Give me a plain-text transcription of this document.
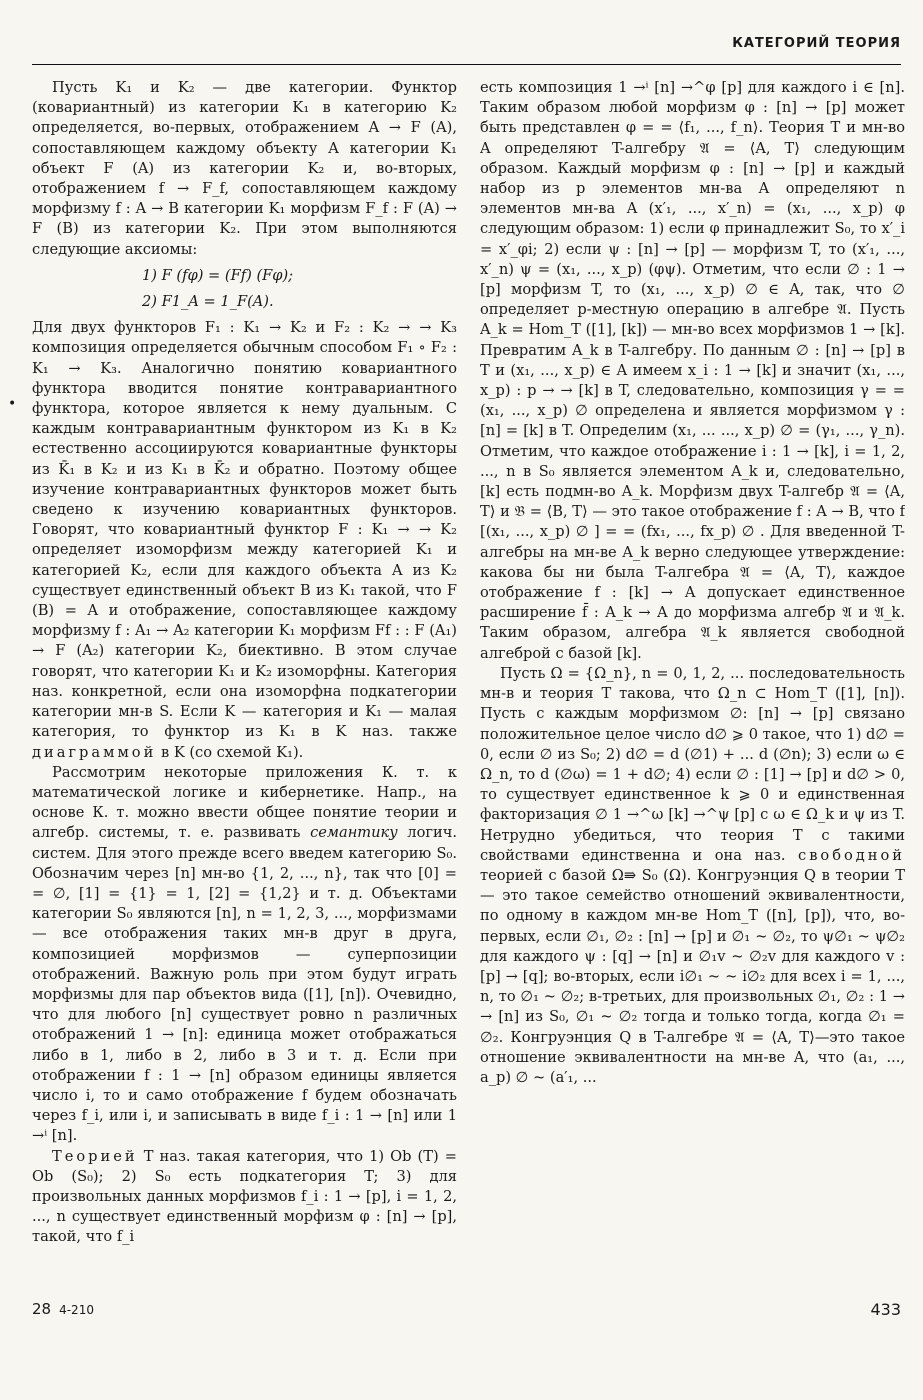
КАТЕГОРИЙ ТЕОРИЯ
•

Пусть K₁ и K₂ — две категории. Функтор (ковариантный) из категории K₁ в категорию K₂ определяется, во-первых, отображением A → F (A), сопоставляющем каждому объекту A категории K₁ объект F (A) из категории K₂ и, во-вторых, отображением f → F_f, сопоставляющем каждому морфизму f : A → B категории K₁ морфизм F_f : F (A) → F (B) из категории K₂. При этом выполняются следующие аксиомы:

1) F (fφ) = (Ff) (Fφ);
2) F1_A = 1_F(A).

Для двух функторов F₁ : K₁ → K₂ и F₂ : K₂ → → K₃ композиция определяется обычным способом F₁ ∘ F₂ : K₁ → K₃. Аналогично понятию ковариантного функтора вводится понятие контравариантного функтора, которое является к нему дуальным. С каждым контравариантным функтором из K₁ в K₂ естественно ассоциируются ковариантные функторы из K̄₁ в K₂ и из K₁ в K̄₂ и обратно. Поэтому общее изучение контравариантных функторов может быть сведено к изучению ковариантных функторов. Говорят, что ковариантный функтор F : K₁ → → K₂ определяет изоморфизм между категорией K₁ и категорией K₂, если для каждого объекта A из K₂ существует единственный объект B из K₁ такой, что F (B) = A и отображение, сопоставляющее каждому морфизму f : A₁ → A₂ категории K₁ морфизм Ff : : F (A₁) → F (A₂) категории K₂, биективно. В этом случае говорят, что категории K₁ и K₂ изоморфны. Категория наз. конкретной, если она изоморфна подкатегории категории мн-в S. Если K — категория и K₁ — малая категория, то функтор из K₁ в K наз. также диаграммой в K (со схемой K₁).

Рассмотрим некоторые приложения К. т. к математической логике и кибернетике. Напр., на основе К. т. можно ввести общее понятие теории и алгебр. системы, т. е. развивать семантику логич. систем. Для этого прежде всего введем категорию S₀. Обозначим через [n] мн-во {1, 2, ..., n}, так что [0] = = ∅, [1] = {1} = 1, [2] = {1,2} и т. д. Объектами категории S₀ являются [n], n = 1, 2, 3, ..., морфизмами — все отображения таких мн-в друг в друга, композицией морфизмов — суперпозиции отображений. Важную роль при этом будут играть морфизмы для пар объектов вида ([1], [n]). Очевидно, что для любого [n] существует ровно n различных отображений 1 → [n]: единица может отображаться либо в 1, либо в 2, либо в 3 и т. д. Если при отображении f : 1 → [n] образом единицы является число i, то и само отображение f будем обозначать через f_i, или i, и записывать в виде f_i : 1 → [n] или 1 →ⁱ [n].

Теорией T наз. такая категория, что 1) Ob (T) = Ob (S₀); 2) S₀ есть подкатегория T; 3) для произвольных данных морфизмов f_i : 1 → [p], i = 1, 2, ..., n существует единственный морфизм φ : [n] → [p], такой, что f_i

есть композиция 1 →ⁱ [n] →^φ [p] для каждого i ∈ [n]. Таким образом любой морфизм φ : [n] → [p] может быть представлен φ = = ⟨f₁, ..., f_n⟩. Теория T и мн-во A определяют T-алгебру 𝔄 = ⟨A, T⟩ следующим образом. Каждый морфизм φ : [n] → [p] и каждый набор из p элементов мн-ва A определяют n элементов мн-ва A (x′₁, ..., x′_n) = (x₁, ..., x_p) φ следующим образом: 1) если φ принадлежит S₀, то x′_i = x′_φi; 2) если ψ : [n] → [p] — морфизм T, то (x′₁, ..., x′_n) ψ = (x₁, ..., x_p) (φψ). Отметим, что если ∅ : 1 → [p] морфизм T, то (x₁, ..., x_p) ∅ ∈ A, так, что ∅ определяет p-местную операцию в алгебре 𝔄. Пусть A_k = Hom_T ([1], [k]) — мн-во всех морфизмов 1 → [k]. Превратим A_k в T-алгебру. По данным ∅ : [n] → [p] в T и (x₁, ..., x_p) ∈ A имеем x_i : 1 → [k] и значит (x₁, ..., x_p) : p → → [k] в T, следовательно, композиция γ = = (x₁, ..., x_p) ∅ определена и является морфизмом γ : [n] = [k] в T. Определим (x₁, ... ..., x_p) ∅ = (γ₁, ..., γ_n). Отметим, что каждое отображение i : 1 → [k], i = 1, 2, ..., n в S₀ является элементом A_k и, следовательно, [k] есть подмн-во A_k. Морфизм двух T-алгебр 𝔄 = ⟨A, T⟩ и 𝔅 = ⟨B, T⟩ — это такое отображение f : A → B, что f [(x₁, ..., x_p) ∅ ] = = (fx₁, ..., fx_p) ∅ . Для введенной T-алгебры на мн-ве A_k верно следующее утверждение: какова бы ни была T-алгебра 𝔄 = ⟨A, T⟩, каждое отображение f : [k] → A допускает единственное расширение f̄ : A_k → A до морфизма алгебр 𝔄 и 𝔄_k. Таким образом, алгебра 𝔄_k является свободной алгеброй с базой [k].

Пусть Ω = {Ω_n}, n = 0, 1, 2, ... последовательность мн-в и теория T такова, что Ω_n ⊂ Hom_T ([1], [n]). Пусть с каждым морфизмом ∅: [n] → [p] связано положительное целое число d∅ ⩾ 0 такое, что 1) d∅ = 0, если ∅ из S₀; 2) d∅ = d (∅1) + ... d (∅n); 3) если ω ∈ Ω_n, то d (∅ω) = 1 + d∅; 4) если ∅ : [1] → [p] и d∅ > 0, то существует единственное k ⩾ 0 и единственная факторизация ∅ 1 →^ω [k] →^ψ [p] с ω ∈ Ω_k и ψ из T. Нетрудно убедиться, что теория T с такими свойствами единственна и она наз. свободной теорией с базой Ω⇛ S₀ (Ω). Конгруэнция Q в теории T — это такое семейство отношений эквивалентности, по одному в каждом мн-ве Hom_T ([n], [p]), что, во-первых, если ∅₁, ∅₂ : [n] → [p] и ∅₁ ~ ∅₂, то ψ∅₁ ~ ψ∅₂ для каждого ψ : [q] → [n] и ∅₁v ~ ∅₂v для каждого v : [p] → [q]; во-вторых, если i∅₁ ~ ~ i∅₂ для всех i = 1, ..., n, то ∅₁ ~ ∅₂; в-третьих, для произвольных ∅₁, ∅₂ : 1 → → [n] из S₀, ∅₁ ~ ∅₂ тогда и только тогда, когда ∅₁ = ∅₂. Конгруэнция Q в T-алгебре 𝔄 = ⟨A, T⟩—это такое отношение эквивалентности на мн-ве A, что (a₁, ..., a_p) ∅ ~ (a′₁, ...

28 4-210	433
